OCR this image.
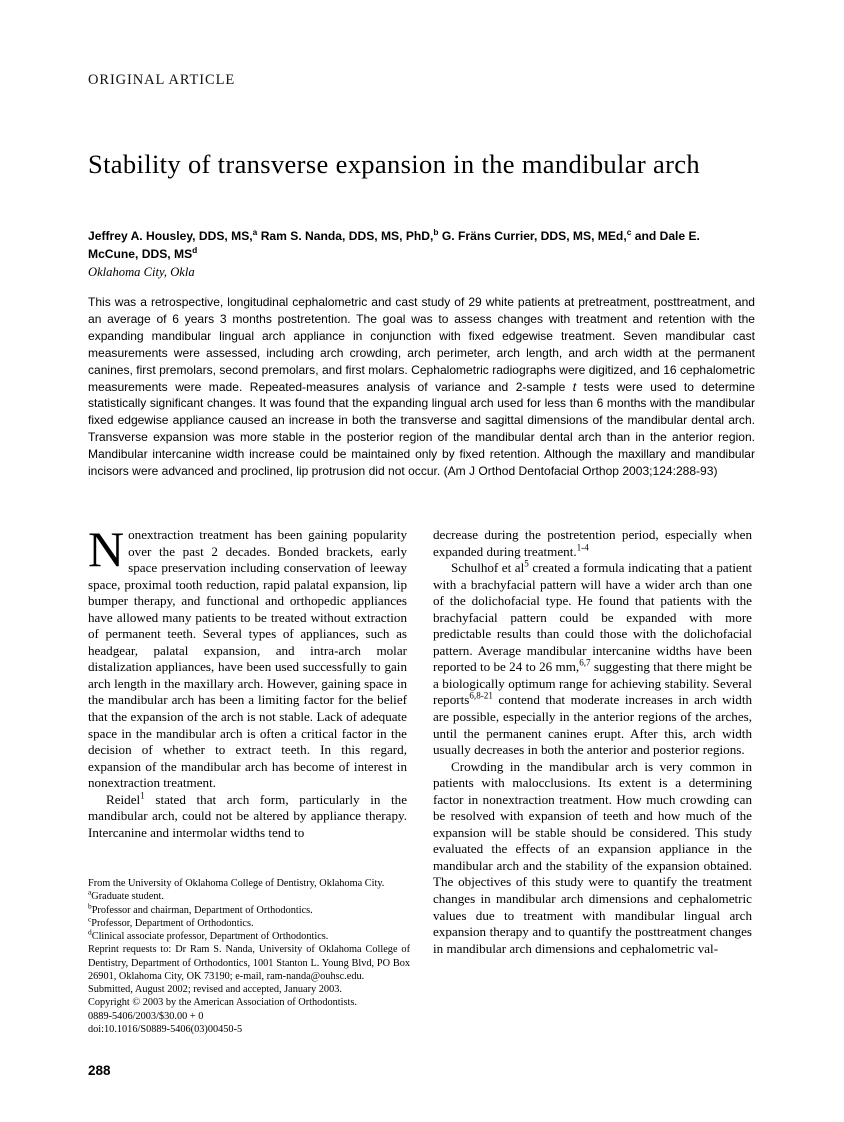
ORIGINAL ARTICLE
Stability of transverse expansion in the mandibular arch
Jeffrey A. Housley, DDS, MS,$^a$ Ram S. Nanda, DDS, MS, PhD,$^b$ G. Fräns Currier, DDS, MS, MEd,$^c$ and Dale E. McCune, DDS, $MS^d$
Oklahoma City, Okla
This was a retrospective, longitudinal cephalometric and cast study of 29 white patients at pretreatment, posttreatment, and an average of 6 years 3 months postretention. The goal was to assess changes with treatment and retention with the expanding mandibular lingual arch appliance in conjunction with fixed edgewise treatment. Seven mandibular cast measurements were assessed, including arch crowding, arch perimeter, arch length, and arch width at the permanent canines, first premolars, second premolars, and first molars. Cephalometric radiographs were digitized, and 16 cephalometric measurements were made. Repeated-measures analysis of variance and 2-sample t tests were used to determine statistically significant changes. It was found that the expanding lingual arch used for less than 6 months with the mandibular fixed edgewise appliance caused an increase in both the transverse and sagittal dimensions of the mandibular dental arch. Transverse expansion was more stable in the posterior region of the mandibular dental arch than in the anterior region. Mandibular intercanine width increase could be maintained only by fixed retention. Although the maxillary and mandibular incisors were advanced and proclined, lip protrusion did not occur. (Am J Orthod Dentofacial Orthop 2003;124:288-93)

Nonextraction treatment has been gaining popularity over the past 2 decades. Bonded brackets, early space preservation including conservation of leeway space, proximal tooth reduction, rapid palatal expansion, lip bumper therapy, and functional and orthopedic appliances have allowed many patients to be treated without extraction of permanent teeth. Several types of appliances, such as headgear, palatal expansion, and intra-arch molar distalization appliances, have been used successfully to gain arch length in the maxillary arch. However, gaining space in the mandibular arch has been a limiting factor for the belief that the expansion of the arch is not stable. Lack of adequate space in the mandibular arch is often a critical factor in the decision of whether to extract teeth. In this regard, expansion of the mandibular arch has become of interest in nonextraction treatment.

Reidel$^1$ stated that arch form, particularly in the mandibular arch, could not be altered by appliance therapy. Intercanine and intermolar widths tend to

decrease during the postretention period, especially when expanded during treatment.$^{1-4}$

Schulhof et $al^5$ created a formula indicating that a patient with a brachyfacial pattern will have a wider arch than one of the dolichofacial type. He found that patients with the brachyfacial pattern could be expanded with more predictable results than could those with the dolichofacial pattern. Average mandibular intercanine widths have been reported to be 24 to 26 mm,$^{6,7}$ suggesting that there might be a biologically optimum range for achieving stability. Several reports$^{6,8-21}$ contend that moderate increases in arch width are possible, especially in the anterior regions of the arches, until the permanent canines erupt. After this, arch width usually decreases in both the anterior and posterior regions.

Crowding in the mandibular arch is very common in patients with malocclusions. Its extent is a determining factor in nonextraction treatment. How much crowding can be resolved with expansion of teeth and how much of the expansion will be stable should be considered. This study evaluated the effects of an expansion appliance in the mandibular arch and the stability of the expansion obtained. The objectives of this study were to quantify the treatment changes in mandibular arch dimensions and cephalometric values due to treatment with mandibular lingual arch expansion therapy and to quantify the posttreatment changes in mandibular arch dimensions and cephalometric val-

From the University of Oklahoma College of Dentistry, Oklahoma City.

$^a$Graduate student.

$^b$Professor and chairman, Department of Orthodontics.

$^c$Professor, Department of Orthodontics.

$^d$Clinical associate professor, Department of Orthodontics.

Reprint requests to: Dr Ram S. Nanda, University of Oklahoma College of Dentistry, Department of Orthodontics, 1001 Stanton L. Young Blvd, PO Box 26901, Oklahoma City, OK 73190; e-mail, ram-nanda@ouhsc.edu.

Submitted, August 2002; revised and accepted, January 2003.

Copyright © 2003 by the American Association of Orthodontists.

0889-5406/2003/$30.00 + 0

doi:10.1016/S0889-5406(03)00450-5

288
